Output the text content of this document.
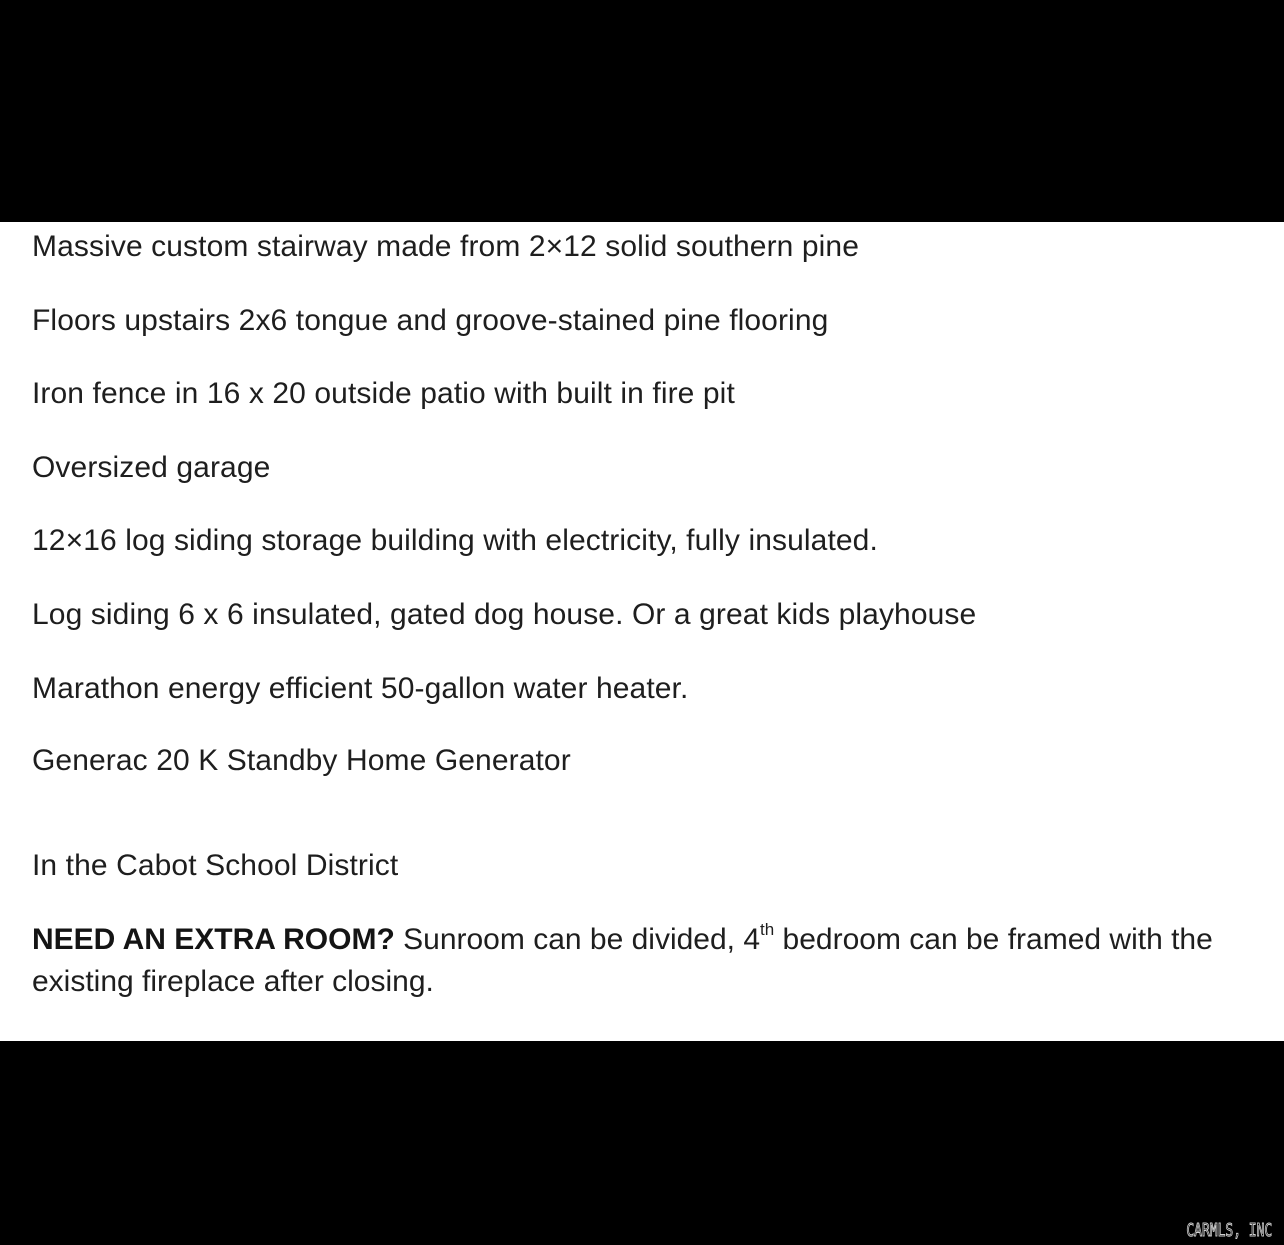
Massive custom stairway made from 2×12 solid southern pine

Floors upstairs 2x6 tongue and groove-stained pine flooring

Iron fence in 16 x 20 outside patio with built in fire pit

Oversized garage

12×16 log siding storage building with electricity, fully insulated.

Log siding 6 x 6 insulated, gated dog house. Or a great kids playhouse

Marathon energy efficient 50-gallon water heater.

Generac 20 K Standby Home Generator

In the Cabot School District

NEED AN EXTRA ROOM? Sunroom can be divided, 4th bedroom can be framed with the existing fireplace after closing.

CARMLS, INC
